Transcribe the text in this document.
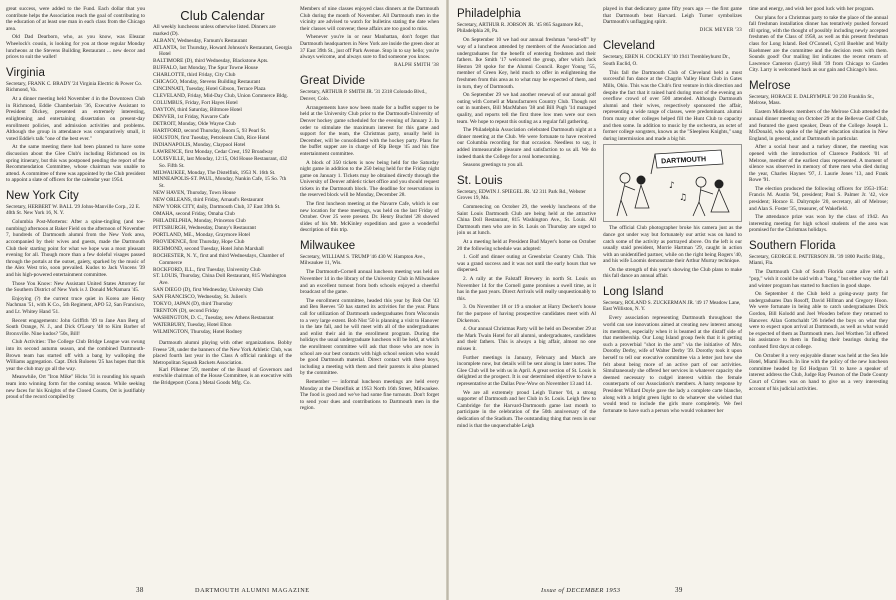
great success, were added to the Fund. Each dollar that you contribute helps the Association reach the goal of contributing to the education of at least one man in each class from the Chicago area.

Old Dad Dearborn, who, as you know, was Eleazar Wheelock's cousin, is looking for you at those regular Monday luncheons at the Stevens Building Restaurant ... new decor and prices to suit the wallet!

Virginia

Secretary, FRANK C. BRADY '24 Virginia Electric & Power Co. Richmond, Va.

At a dinner meeting held November 4 in the Downtown Club in Richmond, Eddie Chamberlain '36, Executive Assistant to President Dickey, presented an extremely interesting, enlightening and entertaining dissertation on present-day enrollment policies, and admission activities and problems. Although the group in attendance was comparatively small, it voted Eddie's talk "one of the best ever."

At the same meeting there had been planned to have some discussion about the Glee Club's including Richmond on its spring itinerary, but this was postponed pending the report of the Recommendation Committee, whose chairman was unable to attend. A committee of three was appointed by the Club president to appoint a slate of officers for the calendar year 1954.

New York City

Secretary, HERBERT W. BALL '29 Johns-Manville Corp., 22 E. 40th St. New York 16, N. Y.

Columbia Post-Mortems: After a spine-tingling (and toe-numbing) afternoon at Baker Field on the afternoon of November 7, hundreds of Dartmouth alumni from the New York area, accompanied by their wives and guests, made the Dartmouth Club their starting point for what we hope was a most pleasant evening for all. Though more than a few doleful visages passed through the portals at the outset, gaiety, sparked by the music of the Alex West trio, soon prevailed. Kudos to Jack Vincens '39 and his high-powered entertainment committee.

Those You Know: New Assistant United States Attorney for the Southern District of New York is J. Donald McNamara '45.

Enjoying (?) the current truce quiet in Korea are Henry Nachman '51, with K Co., 5th Regiment, APO 52, San Francisco, and Lt. Whitey Hand '51.

Recent engagements: John Griffith '49 to Jane Ann Berg of South Orange, N. J., and Dick O'Leary '48 to Kim Barber of Bronxville. Nine kudos? '50s, Bill!

Club Activities: The College Club Bridge League was swung into its second autumn season, and the combined Dartmouth-Brown team has started off with a bang by walloping the Williams aggregation. Capt. Dick Ruloens '25 has hopes that this year the club may go all the way.

Meanwhile, Ort "Iron Mike" Hicks '31 is rounding his squash team into winning form for the coming season. While seeking new faces for his Knights of the Closed Courts, Ort is justifiably proud of the record compiled by

Club Calendar

All weekly luncheons unless otherwise listed. Dinners are marked (D).

ALBANY, Wednesday, Farnum's Restaurant

ATLANTA, 1st Thursday, Howard Johnson's Restaurant, Georgia Hotel

BALTIMORE (D), third Wednesday, Blackstone Apts.

BUFFALO, last Monday, The Spur Towne House

CHARLOTTE, third Friday, City Club

CHICAGO, Monday, Stevens Building Restaurant

CINCINNATI, Tuesday, Hotel Gibson, Terrace Plaza

CLEVELAND, Friday, Mid-Day Club, Union Commerce Bldg.

COLUMBUS, Friday, Fort Hayes Hotel

DAYTON, third Saturday, Biltmore Hotel

DENVER, 1st Friday, Navarre Cafe

DETROIT, Monday, Olde Wayne Club

HARTFORD, second Thursday, Room 5, 93 Pearl St.

HOUSTON, first Tuesday, Petroleum Club, Rice Hotel

INDIANAPOLIS, Monday, Claypool Hotel

LAWRENCE, first Monday, Cedar Crest, 192 Broadway

LOUISVILLE, last Monday, 12:15, Old House Restaurant, 432 So. Fifth St.

MILWAUKEE, Monday, The Distelfink, 1953 N. 16th St.

MINNEAPOLIS-ST. PAUL, Monday, Nankin Cafe, 15 So. 7th St.

NEW HAVEN, Thursday, Town House

NEW ORLEANS, third Friday, Arnaud's Restaurant

NEW YORK CITY, daily, Dartmouth Club, 37 East 39th St.

OMAHA, second Friday, Omaha Club

PHILADELPHIA, Monday, Princeton Club

PITTSBURGH, Wednesday, Danny's Restaurant

PORTLAND, ME., Monday, Graymore Hotel

PROVIDENCE, first Thursday, Hope Club

RICHMOND, second Tuesday, Hotel John Marshall

ROCHESTER, N. Y., first and third Wednesdays, Chamber of Commerce

ROCKFORD, ILL., first Tuesday, University Club

ST. LOUIS, Thursday, China Doll Restaurant, 815 Washington Ave.

SAN DIEGO (D), first Wednesday, University Club

SAN FRANCISCO, Wednesday, St. Julien's

TOKYO, JAPAN (D), third Thursday

TRENTON (D), second Friday

WASHINGTON, D. C., Tuesday, new Athens Restaurant

WATERBURY, Tuesday, Hotel Elton

WILMINGTON, Thursday, Hotel Rodney

Dartmouth alumni playing with other organizations. Bobby Freese '28, under the banners of the New York Athletic Club, was placed fourth last year in the Class A official rankings of the Metropolitan Squash Rackets Association.

Karl Pillemer '29, member of the Board of Governors and erstwhile chairman of the House Committee, is an executive with the Bridgeport (Conn.) Metal Goods Mfg. Co.

Members of nine classes enjoyed class dinners at the Dartmouth Club during the month of November. All Dartmouth men in the vicinity are advised to watch for bulletins stating the date when their classes will convene; these affairs are too good to miss.

Whenever you're in or near Manhattan, don't forget that Dartmouth headquarters in New York are inside the green door at 37 East 39th St., just off Park Avenue. Stop in to say hello; you're always welcome, and always sure to find someone you know.

RALPH SMITH '38
Great Divide

Secretary, ARTHUR P. SMITH JR. '31 2318 Colorado Blvd., Denver, Colo.

Arrangements have now been made for a buffet supper to be held at the University Club prior to the Dartmouth-University of Denver hockey game scheduled for the evening of January 2. In order to stimulate the maximum interest for this game and support for the team, the Christmas party, usually held in December, will be consolidated with the hockey party. Plans for the buffet supper are in charge of Rip Berge '45 and his fine entertainment committee.

A block of 350 tickets is now being held for the Saturday night game in addition to the 250 being held for the Friday night game on January 1. Tickets may be obtained directly through the University of Denver athletic ticket office and you should request tickets in the Dartmouth block. The deadline for reservations in the reserved block will be Monday, December 28.

The first luncheon meeting at the Navarre Cafe, which is our new location for these meetings, was held on the last Friday of October. Over 25 were present. Dr. Henry Buchtel '28 showed slides of his Mt. McKinley expedition and gave a wonderful description of this trip.

Milwaukee

Secretary, WILLIAM S. TRUMP '46 430 W. Hampton Ave., Milwaukee 11, Wis.

The Dartmouth-Cornell annual luncheon meeting was held on November 14 in the library of the University Club in Milwaukee and an excellent turnout from both schools enjoyed a cheerful broadcast of the game.

The enrollment committee, headed this year by Bob Ost '43 and Ben Reeves '50 has started its activities for the year. Plans call for utilization of Dartmouth undergraduates from Wisconsin to a very large extent. Bob Nist '50 is planning a visit to Hanover in the late fall, and he will meet with all of the undergraduates and enlist their aid in the enrollment program. During the holidays the usual undergraduate luncheon will be held, at which the enrollment committee will ask that those who are now in school are our best contacts with high school seniors who would be good Dartmouth material. Direct contact with these boys, including a meeting with them and their parents is also planned by the committee.

Remember — informal luncheon meetings are held every Monday at the Distelfink at 1953 North 16th Street, Milwaukee. The food is good and we've had some fine turnouts. Don't forget to send your dues and contributions to Dartmouth men in the region.

38	DARTMOUTH ALUMNI MAGAZINE
Philadelphia

Secretary, ARTHUR R. JOBSON JR. '45 865 Sagamore Rd., Philadelphia 28, Pa.

On September 10 we had our annual freshman "send-off" by way of a luncheon attended by members of the Association and undergraduates for the benefit of entering freshmen and their fathers. Ike Smith '17 welcomed the group, after which Jack Heston '28 spoke for the Alumni Council. Roger Young '55, member of Green Key, held much to offer in enlightening the freshmen from this area as to what may be expected of them, and in turn, they of Dartmouth.

On September 29 we had another renewal of our annual golf outing with Cornell at Manufacturers Country Club. Though not out in numbers, Bill MacMahon '38 and Bill Pugh '14 managed quality, and reports tell the first three low men were our own team. We hope to repeat this outing as a regular fall gathering.

The Philadelphia Association celebrated Dartmouth night at a dinner meeting at the Club. We were fortunate to have received our Columbia recording for that occasion. Needless to say, it added immeasurable pleasure and satisfaction to us all. We do indeed thank the College for a real homecoming.

Seasons greetings to you all.

St. Louis

Secretary, EDWIN J. SPIEGEL JR. '42 311 Park Rd., Webster Groves 19, Mo.

Commencing on October 29, the weekly luncheons of the Saint Louis Dartmouth Club are being held at the attractive China Doll Restaurant, 815 Washington Ave., St. Louis. All Dartmouth men who are in St. Louis on Thursday are urged to join us at lunch.

At a meeting held at President Bud Mayer's home on October 20 the following schedule was adopted:

1. Golf and dinner outing at Greenbriar Country Club. This was a grand success and it was not until the early hours that we dispersed.

2. A rally at the Falstaff Brewery in north St. Louis on November 14 for the Cornell game promises a swell time, as it has in the past years. Direct Arrivals will really unquestionably to this.

3. On November 18 or 19 a smoker at Harry Deckert's house for the purpose of having prospective candidates meet with Al Dickerson.

4. Our annual Christmas Party will be held on December 29 at the Mark Twain Hotel for all alumni, undergraduates, candidates and their fathers. This is always a big affair, almost no one misses it.

Further meetings in January, February and March are incomplete now, but details will be sent along in later notes. The Glee Club will be with us in April. A great section of St. Louis is delighted at the prospect. It is our determined objective to have a representative at the Dallas Pow-Wow on November 13 and 14.

We are all extremely proud Leigh Turner '04, a strong supporter of Dartmouth and her Club in St. Louis. Leigh flew to Cambridge for the Harvard-Dartmouth game last month to participate in the celebration of the 50th anniversary of the dedication of the Stadium. The outstanding thing that rests in our mind is that the unquenchable Leigh

played in that dedicatory game fifty years ago — the first game that Dartmouth beat Harvard. Leigh Turner symbolizes Dartmouth's unflagging spirit.

DICK MEYER '33
Cleveland

Secretary, EBEN H. COCKLEY '40 1941 Trembleyhurst Dr., South Euclid, O.

This fall the Dartmouth Club of Cleveland held a most successful fun dance at the Chagrin Valley Hunt Club in Gates Mills, Ohio. This was the Club's first venture in this direction and despite the fact that it rained hard during most of the evening an overflow crowd of over 500 attended. Although Dartmouth alumni and their wives, respectively sponsored the affair, representing a wide range of classes, were predominant. alumni from many other colleges helped fill the Hunt Club to capacity and then some. In addition to music by the orchestra, an octet of former college songsters, known as the "Sleepless Knights," sang during intermission and made a big hit.

DARTMOUTH
♪
♫

The official Club photographer broke his camera just as the dance got under way but fortunately our artist was on hand to catch some of the activity as portrayed above. On the left is our usually staid president, Morrie Hartman '29, caught in action with an unidentified partner, while on the right being Rogers '40, and his wife Loomis demonstrate their Arthur Murray technique.

On the strength of this year's showing the Club plans to make this fall dance an annual affair.

Long Island

Secretary, ROLAND S. ZUCKERMAN JR. '49 17 Meadow Lane, East Williston, N. Y.

Every association representing Dartmouth throughout the world can use innovations aimed at creating new interest among its members, especially when it is beamed at the distaff side of that membership. Our Long Island group feels that it is getting such a proverbial "shot in the arm" via the initiative of Mrs. Dorothy Derby, wife of Walter Derby '39. Dorothy took it upon herself to tell our executive committee via a letter just how she felt about being more of an active part of our activities. Simultaneously she offered her services in whatever capacity she deemed necessary to cudgel interest within the female counterparts of our Association's members. A hasty response by President Willard Doyle gave the lady a complete carte blanche, along with a bright green light to do whatever she wished that would tend to include the girls more completely. We feel fortunate to have such a person who would volunteer her

time and energy, and wish her good luck with her program.

Our plans for a Christmas party to take the place of the annual fall freshman installation dinner has tentatively pushed forward till spring, with the thought of possibly including newly accepted freshmen of the Class of 1958, as well as this present freshman class for Long Island. Red O'Connell, Cyril Buehler and Wally Kuehmeer are the committee and the decision rests with them. Sounds good! Our mailing list indicates the recent return of Lawrence Cameron (Larry) Hull '39 from Chicago to Garden City. Larry is welcomed back as our gain and Chicago's loss.

Melrose

Secretary, HORACE E. DALRYMPLE '20 230 Franklin St., Melrose, Mass.

Eastern Middlesex members of the Melrose Club attended the annual dinner meeting on October 29 at the Bellevue Golf Club, and featured the guest speaker, Dean of the College Joseph L. McDonald, who spoke of the higher education situation in New England, in general, and at Dartmouth in particular.

After a social hour and a turkey dinner, the meeting was opened with the introduction of Clarence Paddock '01 of Melrose, member of the earliest class represented. A moment of silence was observed in memory of three men who died during the year, Charles Haynes '97, J. Laurie Jones '13, and Frank Rowe '91.

The election produced the following officers for 1953-1954: Francis M. Austin '94, president; Paul S. Palmer Jr. '42, vice president; Horace E. Dalrymple '20, secretary, all of Melrose; and Alan S. Foster '35, treasurer, of Wakefield.

The attendance prize was won by the class of 1942. An interesting meeting for high school students of the area was promised for the Christmas holidays.

Southern Florida

Secretary, GEORGE E. PATTERSON JR. '39 1800 Pacific Bldg., Miami, Fla.

The Dartmouth Club of South Florida came alive with a "pop," wish it could be said with a "bang," but either way the fall and winter program has started to function in good shape.

On September 4 the Club held a going-away party for undergraduates Dan Rosoff, David Hillman and Gregory Hoon. We were fortunate in being able to catch undergraduates Dick Gordon, Bill Kolodd and Joel Wooden before they returned to Hanover. Allan Gottschaldt '26 briefed the boys on what they were to expect upon arrival at Dartmouth, as well as what would be expected of them as Dartmouth men. Joel Worthen '34 offered his assistance to them in finding their bearings during the confused first days at college.

On October 8 a very enjoyable dinner was held at the Sea Isle Hotel, Miami Beach. In line with the policy of the new luncheon committee headed by Ed Hodgson '31 to have a speaker of interest address the Club, Judge Ray Pearson of the Dade County Court of Crimes was on hand to give us a very interesting account of his judicial activities.

Issue of DECEMBER 1953	39
